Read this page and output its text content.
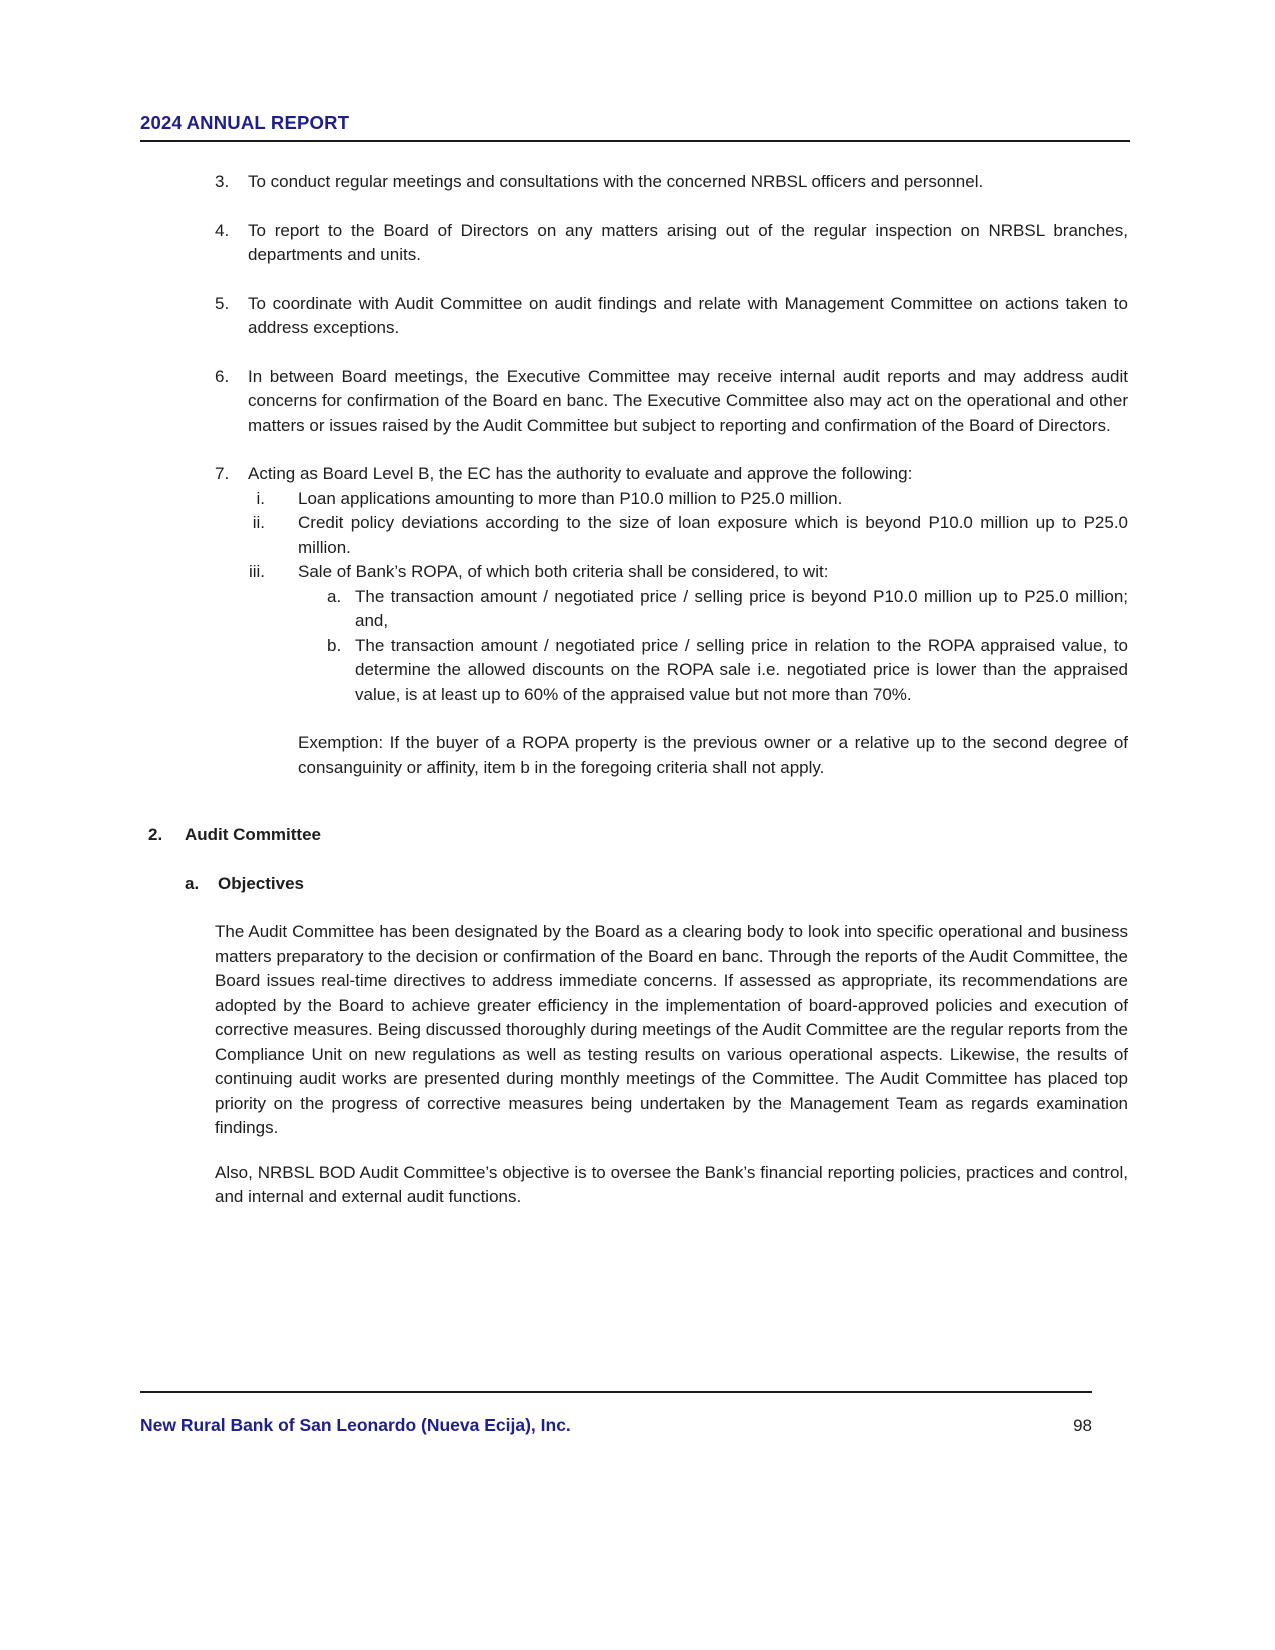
2024 ANNUAL REPORT
3.	To conduct regular meetings and consultations with the concerned NRBSL officers and personnel.
4.	To report to the Board of Directors on any matters arising out of the regular inspection on NRBSL branches, departments and units.
5.	To coordinate with Audit Committee on audit findings and relate with Management Committee on actions taken to address exceptions.
6.	In between Board meetings, the Executive Committee may receive internal audit reports and may address audit concerns for confirmation of the Board en banc. The Executive Committee also may act on the operational and other matters or issues raised by the Audit Committee but subject to reporting and confirmation of the Board of Directors.
7.	Acting as Board Level B, the EC has the authority to evaluate and approve the following:
i. Loan applications amounting to more than P10.0 million to P25.0 million.
ii. Credit policy deviations according to the size of loan exposure which is beyond P10.0 million up to P25.0 million.
iii. Sale of Bank’s ROPA, of which both criteria shall be considered, to wit:
a. The transaction amount / negotiated price / selling price is beyond P10.0 million up to P25.0 million; and,
b. The transaction amount / negotiated price / selling price in relation to the ROPA appraised value, to determine the allowed discounts on the ROPA sale i.e. negotiated price is lower than the appraised value, is at least up to 60% of the appraised value but not more than 70%.
Exemption: If the buyer of a ROPA property is the previous owner or a relative up to the second degree of consanguinity or affinity, item b in the foregoing criteria shall not apply.
2.	Audit Committee
a.	Objectives
The Audit Committee has been designated by the Board as a clearing body to look into specific operational and business matters preparatory to the decision or confirmation of the Board en banc. Through the reports of the Audit Committee, the Board issues real-time directives to address immediate concerns. If assessed as appropriate, its recommendations are adopted by the Board to achieve greater efficiency in the implementation of board-approved policies and execution of corrective measures. Being discussed thoroughly during meetings of the Audit Committee are the regular reports from the Compliance Unit on new regulations as well as testing results on various operational aspects. Likewise, the results of continuing audit works are presented during monthly meetings of the Committee. The Audit Committee has placed top priority on the progress of corrective measures being undertaken by the Management Team as regards examination findings.
Also, NRBSL BOD Audit Committee’s objective is to oversee the Bank’s financial reporting policies, practices and control, and internal and external audit functions.
New Rural Bank of San Leonardo (Nueva Ecija), Inc.	98
